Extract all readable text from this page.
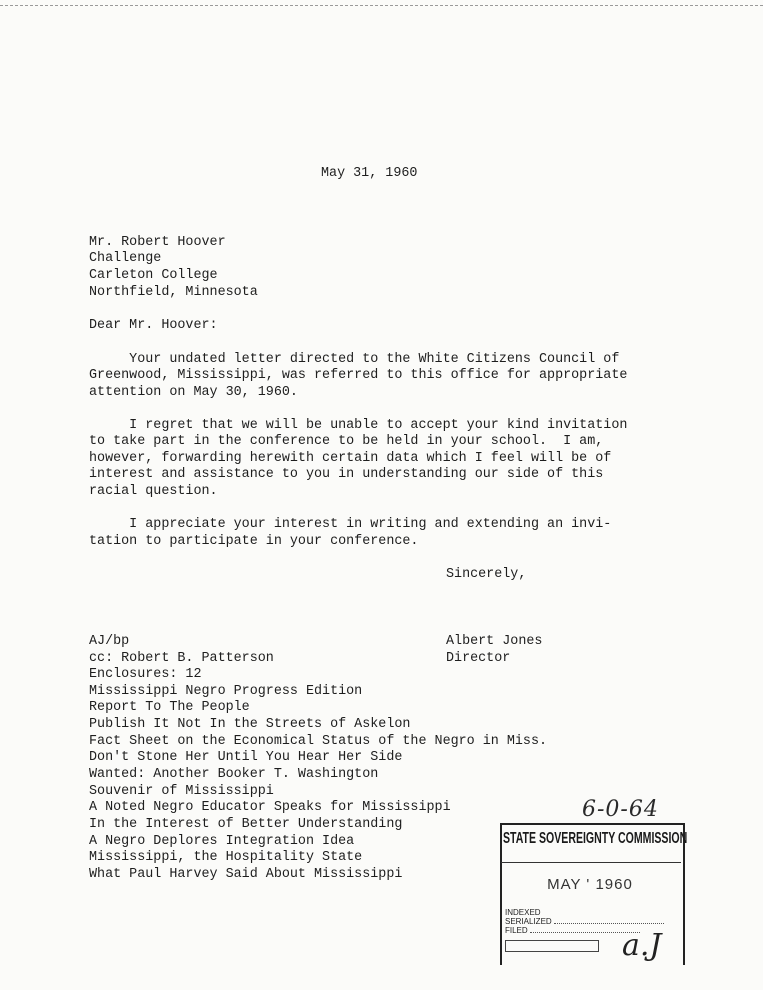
May 31, 1960
Mr. Robert Hoover
Challenge
Carleton College
Northfield, Minnesota
Dear Mr. Hoover:
Your undated letter directed to the White Citizens Council of
Greenwood, Mississippi, was referred to this office for appropriate
attention on May 30, 1960.
I regret that we will be unable to accept your kind invitation
to take part in the conference to be held in your school.  I am,
however, forwarding herewith certain data which I feel will be of
interest and assistance to you in understanding our side of this
racial question.
I appreciate your interest in writing and extending an invi-
tation to participate in your conference.
Sincerely,
Albert Jones
Director
AJ/bp
cc: Robert B. Patterson
Enclosures: 12
Mississippi Negro Progress Edition
Report To The People
Publish It Not In the Streets of Askelon
Fact Sheet on the Economical Status of the Negro in Miss.
Don't Stone Her Until You Hear Her Side
Wanted: Another Booker T. Washington
Souvenir of Mississippi
A Noted Negro Educator Speaks for Mississippi
In the Interest of Better Understanding
A Negro Deplores Integration Idea
Mississippi, the Hospitality State
What Paul Harvey Said About Mississippi
6-0-64
STATE SOVEREIGNTY COMMISSION
MAY ' 1960
INDEXED
SERIALIZED
FILED	a.J
